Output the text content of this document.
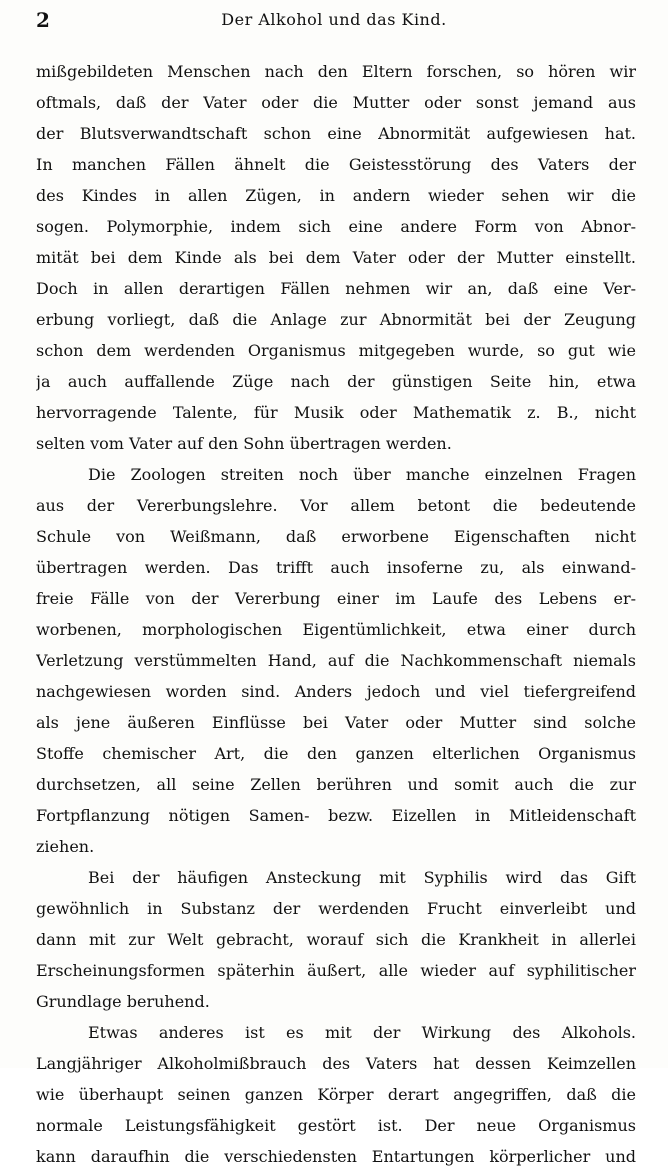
2	Der Alkohol und das Kind.
mißgebildeten Menschen nach den Eltern forschen, so hören wir
oftmals, daß der Vater oder die Mutter oder sonst jemand aus
der Blutsverwandtschaft schon eine Abnormität aufgewiesen hat.
In manchen Fällen ähnelt die Geistesstörung des Vaters der
des Kindes in allen Zügen, in andern wieder sehen wir die
sogen. Polymorphie, indem sich eine andere Form von Abnor-
mität bei dem Kinde als bei dem Vater oder der Mutter einstellt.
Doch in allen derartigen Fällen nehmen wir an, daß eine Ver-
erbung vorliegt, daß die Anlage zur Abnormität bei der Zeugung
schon dem werdenden Organismus mitgegeben wurde, so gut wie
ja auch auffallende Züge nach der günstigen Seite hin, etwa
hervorragende Talente, für Musik oder Mathematik z. B., nicht
selten vom Vater auf den Sohn übertragen werden.
Die Zoologen streiten noch über manche einzelnen Fragen
aus der Vererbungslehre. Vor allem betont die bedeutende
Schule von Weißmann, daß erworbene Eigenschaften nicht
übertragen werden. Das trifft auch insoferne zu, als einwand-
freie Fälle von der Vererbung einer im Laufe des Lebens er-
worbenen, morphologischen Eigentümlichkeit, etwa einer durch
Verletzung verstümmelten Hand, auf die Nachkommenschaft niemals
nachgewiesen worden sind. Anders jedoch und viel tiefergreifend
als jene äußeren Einflüsse bei Vater oder Mutter sind solche
Stoffe chemischer Art, die den ganzen elterlichen Organismus
durchsetzen, all seine Zellen berühren und somit auch die zur
Fortpflanzung nötigen Samen- bezw. Eizellen in Mitleidenschaft
ziehen.
Bei der häufigen Ansteckung mit Syphilis wird das Gift
gewöhnlich in Substanz der werdenden Frucht einverleibt und
dann mit zur Welt gebracht, worauf sich die Krankheit in allerlei
Erscheinungsformen späterhin äußert, alle wieder auf syphilitischer
Grundlage beruhend.
Etwas anderes ist es mit der Wirkung des Alkohols.
Langjähriger Alkoholmißbrauch des Vaters hat dessen Keimzellen
wie überhaupt seinen ganzen Körper derart angegriffen, daß die
normale Leistungsfähigkeit gestört ist. Der neue Organismus
kann daraufhin die verschiedensten Entartungen körperlicher und
